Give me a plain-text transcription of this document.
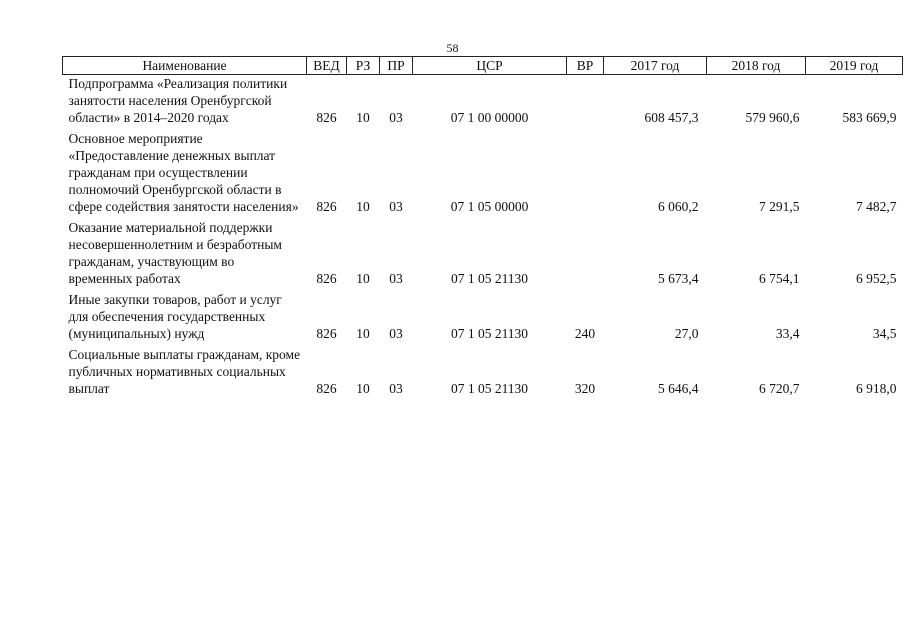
58
Наименование	ВЕД	РЗ	ПР	ЦСР	ВР	2017 год	2018 год	2019 год
Подпрограмма «Реализация политики занятости населения Оренбургской области» в 2014–2020 годах	826	10	03	07 1 00 00000		608 457,3	579 960,6	583 669,9
Основное мероприятие «Предоставление денежных выплат гражданам при осуществлении полномочий Оренбургской области в сфере содействия занятости населения»	826	10	03	07 1 05 00000		6 060,2	7 291,5	7 482,7
Оказание материальной поддержки несовершеннолетним и безработным гражданам, участвующим во временных работах	826	10	03	07 1 05 21130		5 673,4	6 754,1	6 952,5
Иные закупки товаров, работ и услуг для обеспечения государственных (муниципальных) нужд	826	10	03	07 1 05 21130	240	27,0	33,4	34,5
Социальные выплаты гражданам, кроме публичных нормативных социальных выплат	826	10	03	07 1 05 21130	320	5 646,4	6 720,7	6 918,0
